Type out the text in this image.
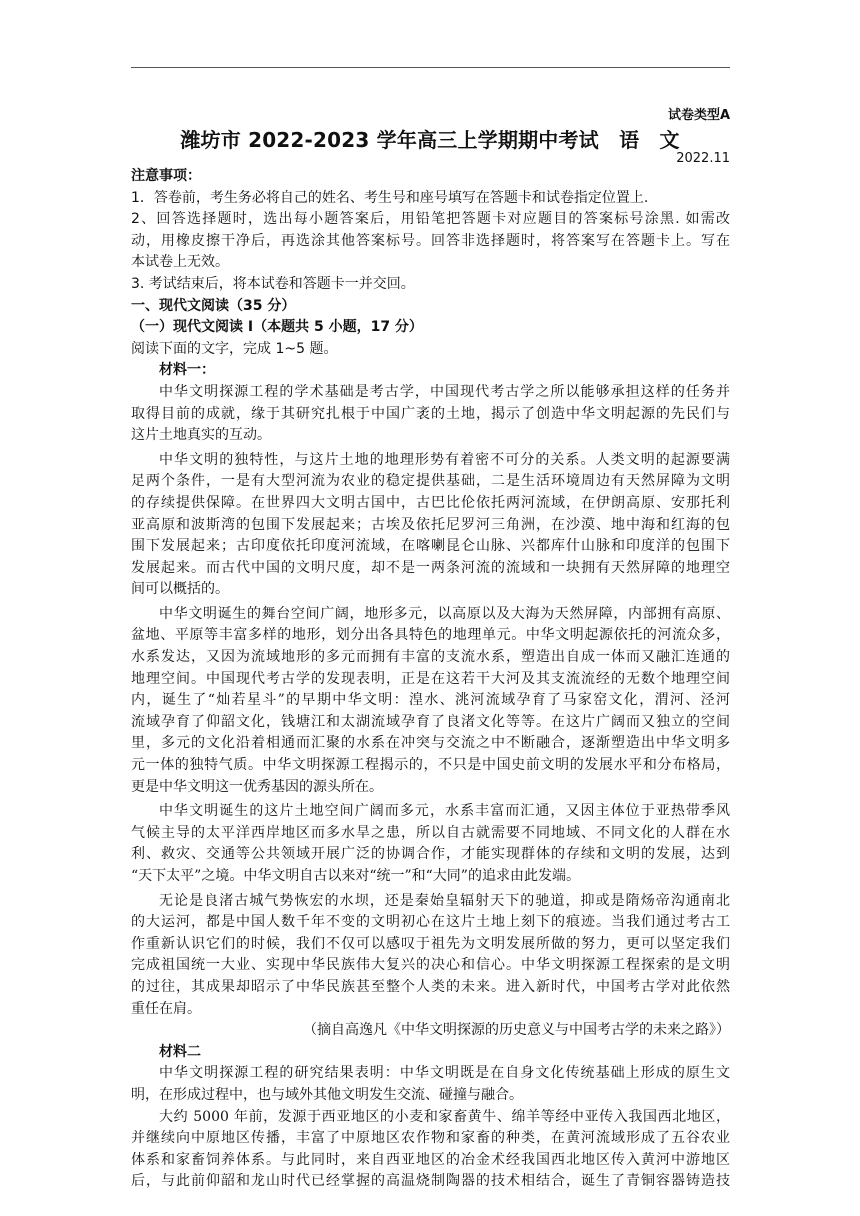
试卷类型A
潍坊市 2022-2023 学年高三上学期期中考试　语　文
2022.11
注意事项：
1．答卷前，考生务必将自己的姓名、考生号和座号填写在答题卡和试卷指定位置上.
2、回答选择题时，选出每小题答案后，用铅笔把答题卡对应题目的答案标号涂黑. 如需改
动，用橡皮擦干净后，再选涂其他答案标号。回答非选择题时，将答案写在答题卡上。写在
本试卷上无效。
3. 考试结束后，将本试卷和答题卡一并交回。
一、现代文阅读（35 分）
（一）现代文阅读 I（本题共 5 小题，17 分）
阅读下面的文字，完成 1~5 题。
材料一：
中华文明探源工程的学术基础是考古学，中国现代考古学之所以能够承担这样的任务并
取得目前的成就，缘于其研究扎根于中国广袤的土地，揭示了创造中华文明起源的先民们与
这片土地真实的互动。
中华文明的独特性，与这片土地的地理形势有着密不可分的关系。人类文明的起源要满
足两个条件，一是有大型河流为农业的稳定提供基础，二是生活环境周边有天然屏障为文明
的存续提供保障。在世界四大文明古国中，古巴比伦依托两河流域，在伊朗高原、安那托利
亚高原和波斯湾的包围下发展起来；古埃及依托尼罗河三角洲，在沙漠、地中海和红海的包
围下发展起来；古印度依托印度河流域，在喀喇昆仑山脉、兴都库什山脉和印度洋的包围下
发展起来。而古代中国的文明尺度，却不是一两条河流的流域和一块拥有天然屏障的地理空
间可以概括的。
中华文明诞生的舞台空间广阔，地形多元，以高原以及大海为天然屏障，内部拥有高原、
盆地、平原等丰富多样的地形，划分出各具特色的地理单元。中华文明起源依托的河流众多，
水系发达，又因为流域地形的多元而拥有丰富的支流水系，塑造出自成一体而又融汇连通的
地理空间。中国现代考古学的发现表明，正是在这若干大河及其支流流经的无数个地理空间
内，诞生了“灿若星斗”的早期中华文明：湟水、洮河流域孕育了马家窑文化，渭河、泾河
流域孕育了仰韶文化，钱塘江和太湖流域孕育了良渚文化等等。在这片广阔而又独立的空间
里，多元的文化沿着相通而汇聚的水系在冲突与交流之中不断融合，逐渐塑造出中华文明多
元一体的独特气质。中华文明探源工程揭示的，不只是中国史前文明的发展水平和分布格局，
更是中华文明这一优秀基因的源头所在。
中华文明诞生的这片土地空间广阔而多元，水系丰富而汇通，又因主体位于亚热带季风
气候主导的太平洋西岸地区而多水旱之患，所以自古就需要不同地域、不同文化的人群在水
利、救灾、交通等公共领域开展广泛的协调合作，才能实现群体的存续和文明的发展，达到
“天下太平”之境。中华文明自古以来对“统一”和“大同”的追求由此发端。
无论是良渚古城气势恢宏的水坝，还是秦始皇辐射天下的驰道，抑或是隋炀帝沟通南北
的大运河，都是中国人数千年不变的文明初心在这片土地上刻下的痕迹。当我们通过考古工
作重新认识它们的时候，我们不仅可以感叹于祖先为文明发展所做的努力，更可以坚定我们
完成祖国统一大业、实现中华民族伟大复兴的决心和信心。中华文明探源工程探索的是文明
的过往，其成果却昭示了中华民族甚至整个人类的未来。进入新时代，中国考古学对此依然
重任在肩。
（摘自高逸凡《中华文明探源的历史意义与中国考古学的未来之路》）
材料二
中华文明探源工程的研究结果表明：中华文明既是在自身文化传统基础上形成的原生文
明，在形成过程中，也与域外其他文明发生交流、碰撞与融合。
大约 5000 年前，发源于西亚地区的小麦和家畜黄牛、绵羊等经中亚传入我国西北地区，
并继续向中原地区传播，丰富了中原地区农作物和家畜的种类，在黄河流域形成了五谷农业
体系和家畜饲养体系。与此同时，来自西亚地区的冶金术经我国西北地区传入黄河中游地区
后，与此前仰韶和龙山时代已经掌握的高温烧制陶器的技术相结合，诞生了青铜容器铸造技
